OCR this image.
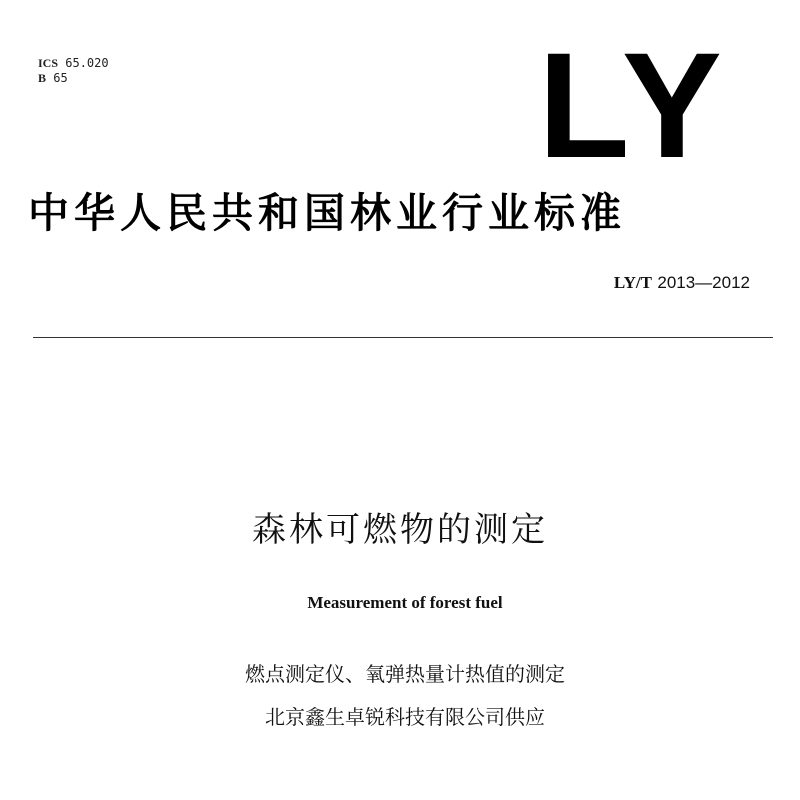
ICS 65.020
B 65	LY
中华人民共和国林业行业标准
LY/T 2013—2012
森林可燃物的测定
Measurement of forest fuel
燃点测定仪、氧弹热量计热值的测定
北京鑫生卓锐科技有限公司供应
